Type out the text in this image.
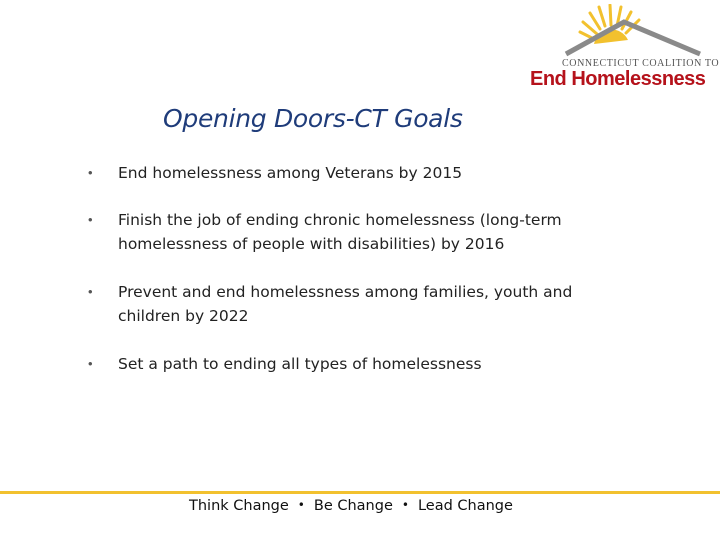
CONNECTICUT COALITION TO
End Homelessness
Opening Doors-CT Goals
• End homelessness among Veterans by 2015
• Finish the job of ending chronic homelessness (long-term homelessness of people with disabilities) by 2016
• Prevent and end homelessness among families, youth and children by 2022
• Set a path to ending all types of homelessness
Think Change • Be Change • Lead Change
